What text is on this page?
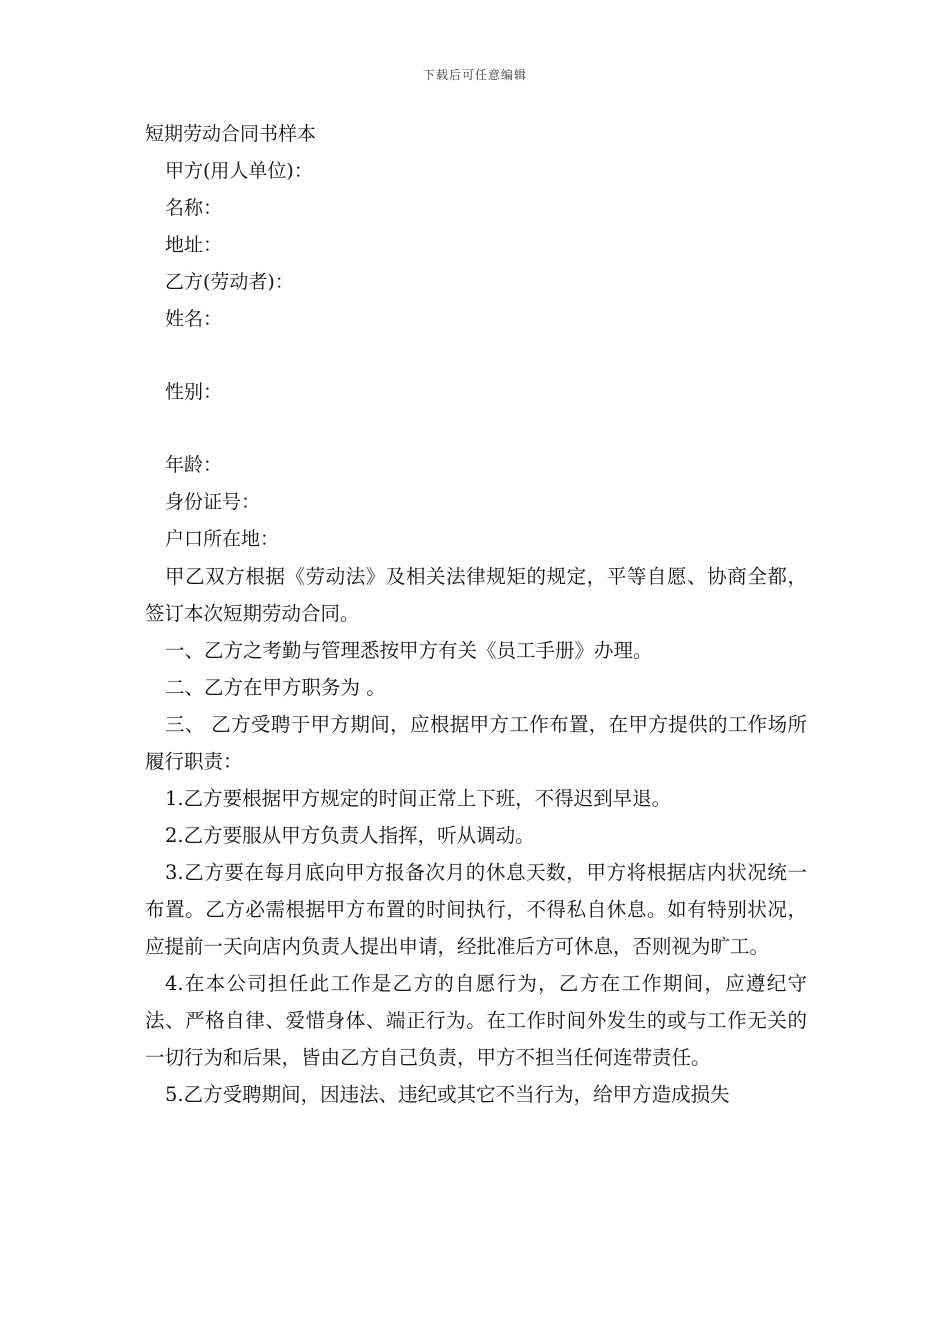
下载后可任意编辑

短期劳动合同书样本

甲方(用人单位)：

名称：

地址：

乙方(劳动者)：

姓名：

性别：

年龄：

身份证号：

户口所在地：

甲乙双方根据《劳动法》及相关法律规矩的规定，平等自愿、协商全都，签订本次短期劳动合同。

一、乙方之考勤与管理悉按甲方有关《员工手册》办理。

二、乙方在甲方职务为 。

三、 乙方受聘于甲方期间，应根据甲方工作布置，在甲方提供的工作场所履行职责：

1.乙方要根据甲方规定的时间正常上下班，不得迟到早退。

2.乙方要服从甲方负责人指挥，听从调动。

3.乙方要在每月底向甲方报备次月的休息天数，甲方将根据店内状况统一布置。乙方必需根据甲方布置的时间执行，不得私自休息。如有特别状况，应提前一天向店内负责人提出申请，经批准后方可休息，否则视为旷工。

4.在本公司担任此工作是乙方的自愿行为，乙方在工作期间，应遵纪守法、严格自律、爱惜身体、端正行为。在工作时间外发生的或与工作无关的一切行为和后果，皆由乙方自己负责，甲方不担当任何连带责任。

5.乙方受聘期间，因违法、违纪或其它不当行为，给甲方造成损失
